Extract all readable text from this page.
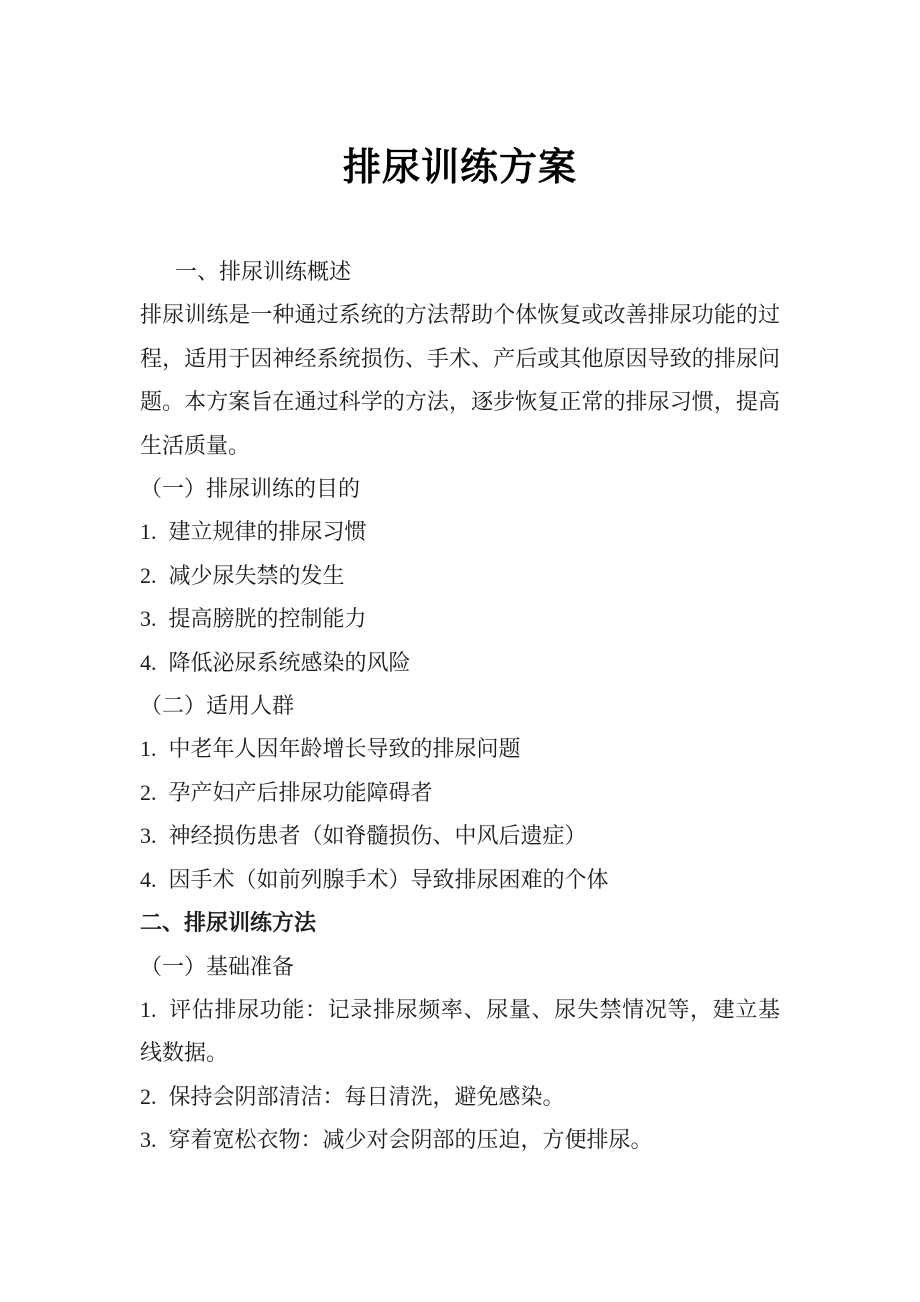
排尿训练方案
一、排尿训练概述

排尿训练是一种通过系统的方法帮助个体恢复或改善排尿功能的过程，适用于因神经系统损伤、手术、产后或其他原因导致的排尿问题。本方案旨在通过科学的方法，逐步恢复正常的排尿习惯，提高生活质量。

（一）排尿训练的目的
1. 建立规律的排尿习惯
2. 减少尿失禁的发生
3. 提高膀胱的控制能力
4. 降低泌尿系统感染的风险
（二）适用人群
1. 中老年人因年龄增长导致的排尿问题
2. 孕产妇产后排尿功能障碍者
3. 神经损伤患者（如脊髓损伤、中风后遗症）
4. 因手术（如前列腺手术）导致排尿困难的个体
二、排尿训练方法
（一）基础准备
1. 评估排尿功能：记录排尿频率、尿量、尿失禁情况等，建立基线数据。
2. 保持会阴部清洁：每日清洗，避免感染。
3. 穿着宽松衣物：减少对会阴部的压迫，方便排尿。
